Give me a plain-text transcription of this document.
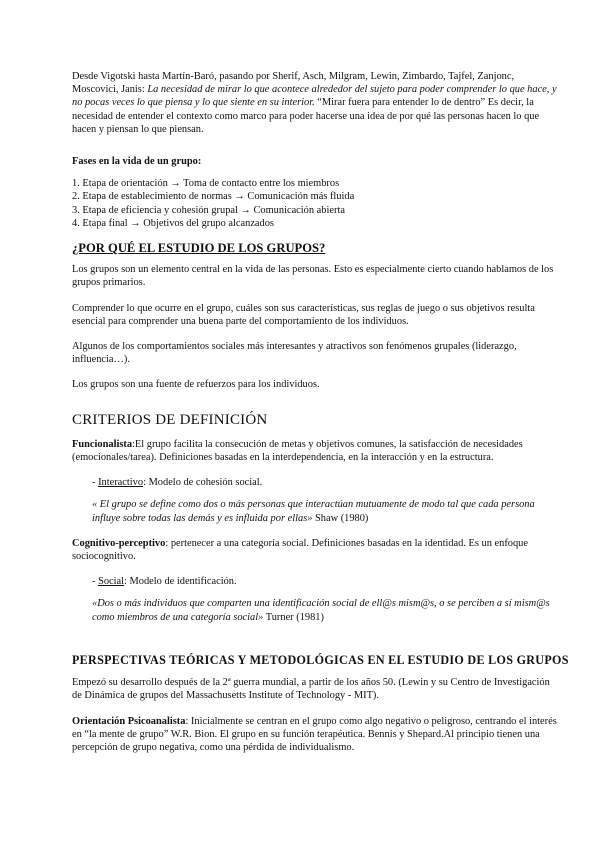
Desde Vigotski hasta Martín-Baró, pasando por Sherif, Asch, Milgram, Lewin, Zimbardo, Tajfel, Zanjonc, Moscovici, Janis: La necesidad de mirar lo que acontece alrededor del sujeto para poder comprender lo que hace, y no pocas veces lo que piensa y lo que siente en su interior. “Mirar fuera para entender lo de dentro” Es decir, la necesidad de entender el contexto como marco para poder hacerse una idea de por qué las personas hacen lo que hacen y piensan lo que piensan.

Fases en la vida de un grupo:

1. Etapa de orientación → Toma de contacto entre los miembros
2. Etapa de establecimiento de normas → Comunicación más fluida
3. Etapa de eficiencia y cohesión grupal → Comunicación abierta
4. Etapa final → Objetivos del grupo alcanzados

¿POR QUÉ EL ESTUDIO DE LOS GRUPOS?

Los grupos son un elemento central en la vida de las personas. Esto es especialmente cierto cuando hablamos de los grupos primarios.

Comprender lo que ocurre en el grupo, cuáles son sus características, sus reglas de juego o sus objetivos resulta esencial para comprender una buena parte del comportamiento de los individuos.

Algunos de los comportamientos sociales más interesantes y atractivos son fenómenos grupales (liderazgo, influencia…).

Los grupos son una fuente de refuerzos para los individuos.

CRITERIOS DE DEFINICIÓN

Funcionalista:El grupo facilita la consecución de metas y objetivos comunes, la satisfacción de necesidades (emocionales/tarea). Definiciones basadas en la interdependencia, en la interacción y en la estructura.

- Interactivo: Modelo de cohesión social.

« El grupo se define como dos o más personas que interactúan mutuamente de modo tal que cada persona influye sobre todas las demás y es influida por ellas» Shaw (1980)

Cognitivo-perceptivo: pertenecer a una categoría social. Definiciones basadas en la identidad. Es un enfoque sociocognitivo.

- Social: Modelo de identificación.

«Dos o más individuos que comparten una identificación social de ell@s mism@s, o se perciben a sí mism@s como miembros de una categoría social» Turner (1981)

PERSPECTIVAS TEÓRICAS Y METODOLÓGICAS EN EL ESTUDIO DE LOS GRUPOS

Empezó su desarrollo después de la 2ª guerra mundial, a partir de los años 50. (Lewin y su Centro de Investigación de Dinámica de grupos del Massachusetts Institute of Technology - MIT).

Orientación Psicoanalista: Inicialmente se centran en el grupo como algo negativo o peligroso, centrando el interés en “la mente de grupo” W.R. Bion. El grupo en su función terapéutica. Bennis y Shepard.Al principio tienen una percepción de grupo negativa, como una pérdida de individualismo.
